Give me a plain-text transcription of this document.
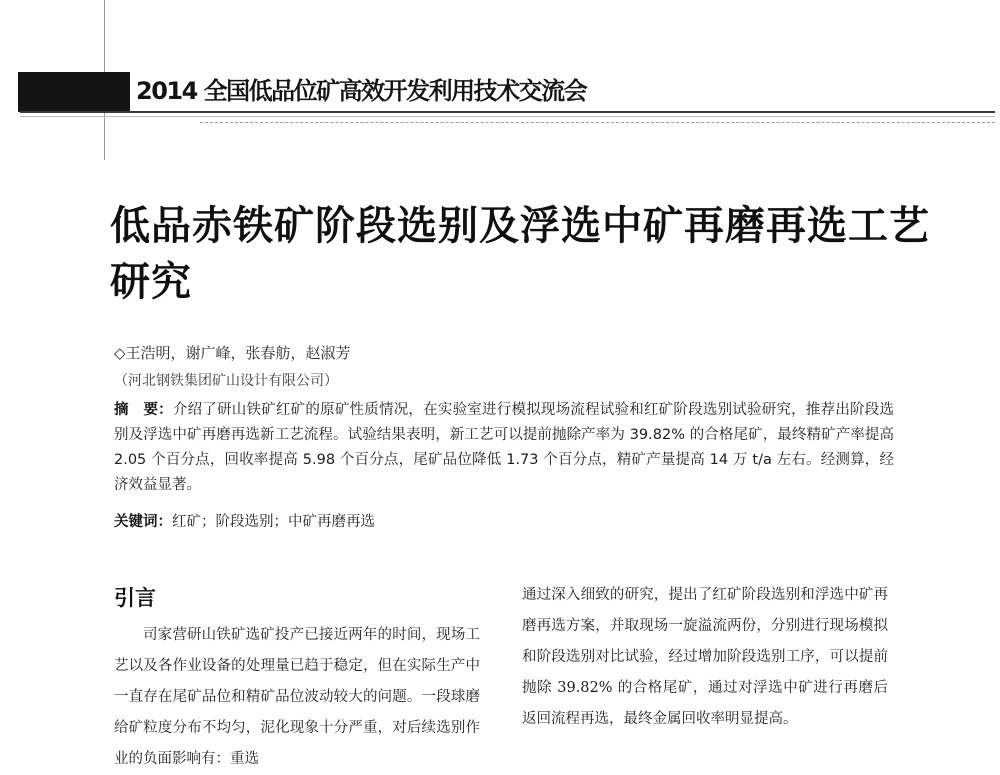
2014 全国低品位矿高效开发利用技术交流会
低品赤铁矿阶段选别及浮选中矿再磨再选工艺研究
◇王浩明，谢广峰，张春舫，赵淑芳
（河北钢铁集团矿山设计有限公司）
摘　要：介绍了研山铁矿红矿的原矿性质情况，在实验室进行模拟现场流程试验和红矿阶段选别试验研究，推荐出阶段选别及浮选中矿再磨再选新工艺流程。试验结果表明，新工艺可以提前抛除产率为 39.82% 的合格尾矿，最终精矿产率提高 2.05 个百分点，回收率提高 5.98 个百分点，尾矿品位降低 1.73 个百分点，精矿产量提高 14 万 t/a 左右。经测算，经济效益显著。
关键词：红矿；阶段选别；中矿再磨再选
引言

司家营研山铁矿选矿投产已接近两年的时间，现场工艺以及各作业设备的处理量已趋于稳定，但在实际生产中一直存在尾矿品位和精矿品位波动较大的问题。一段球磨给矿粒度分布不均匀，泥化现象十分严重，对后续选别作业的负面影响有：重选

通过深入细致的研究，提出了红矿阶段选别和浮选中矿再磨再选方案，并取现场一旋溢流两份，分别进行现场模拟和阶段选别对比试验，经过增加阶段选别工序，可以提前抛除 39.82% 的合格尾矿，通过对浮选中矿进行再磨后返回流程再选，最终金属回收率明显提高。
